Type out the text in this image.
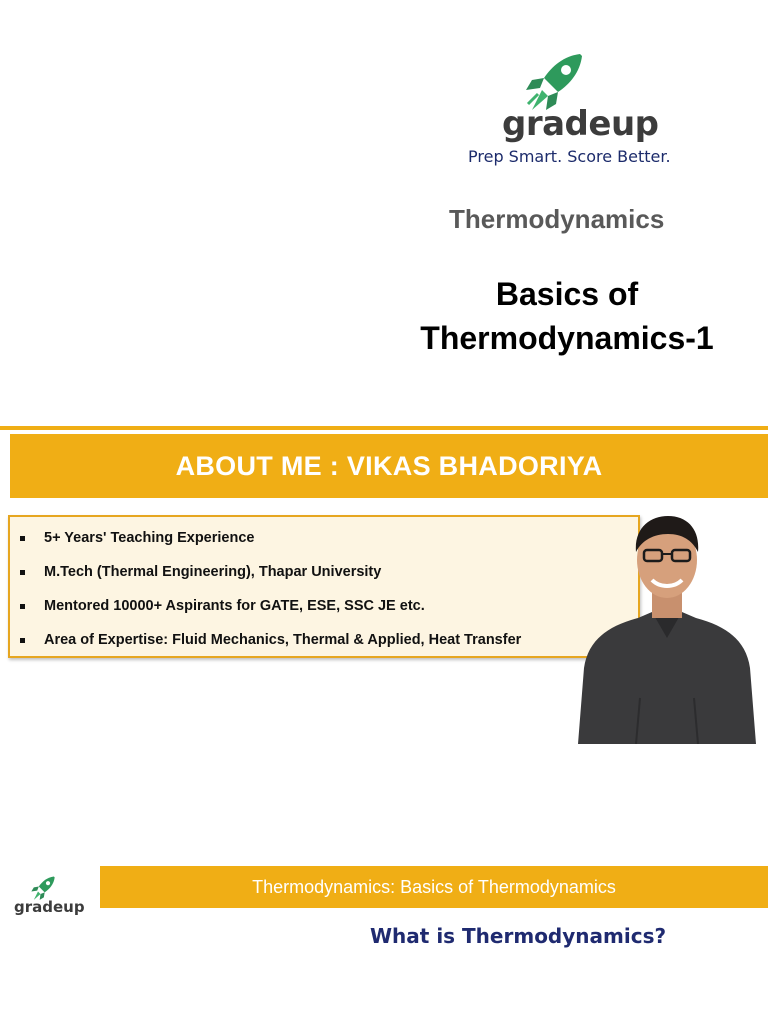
gradeup
Prep Smart. Score Better.
Thermodynamics
Basics of
Thermodynamics-1
ABOUT ME : VIKAS BHADORIYA
5+ Years' Teaching Experience
M.Tech (Thermal Engineering), Thapar University
Mentored 10000+ Aspirants for GATE, ESE, SSC JE etc.
Area of Expertise: Fluid Mechanics, Thermal & Applied, Heat Transfer
gradeup
Thermodynamics: Basics of Thermodynamics
What is Thermodynamics?
